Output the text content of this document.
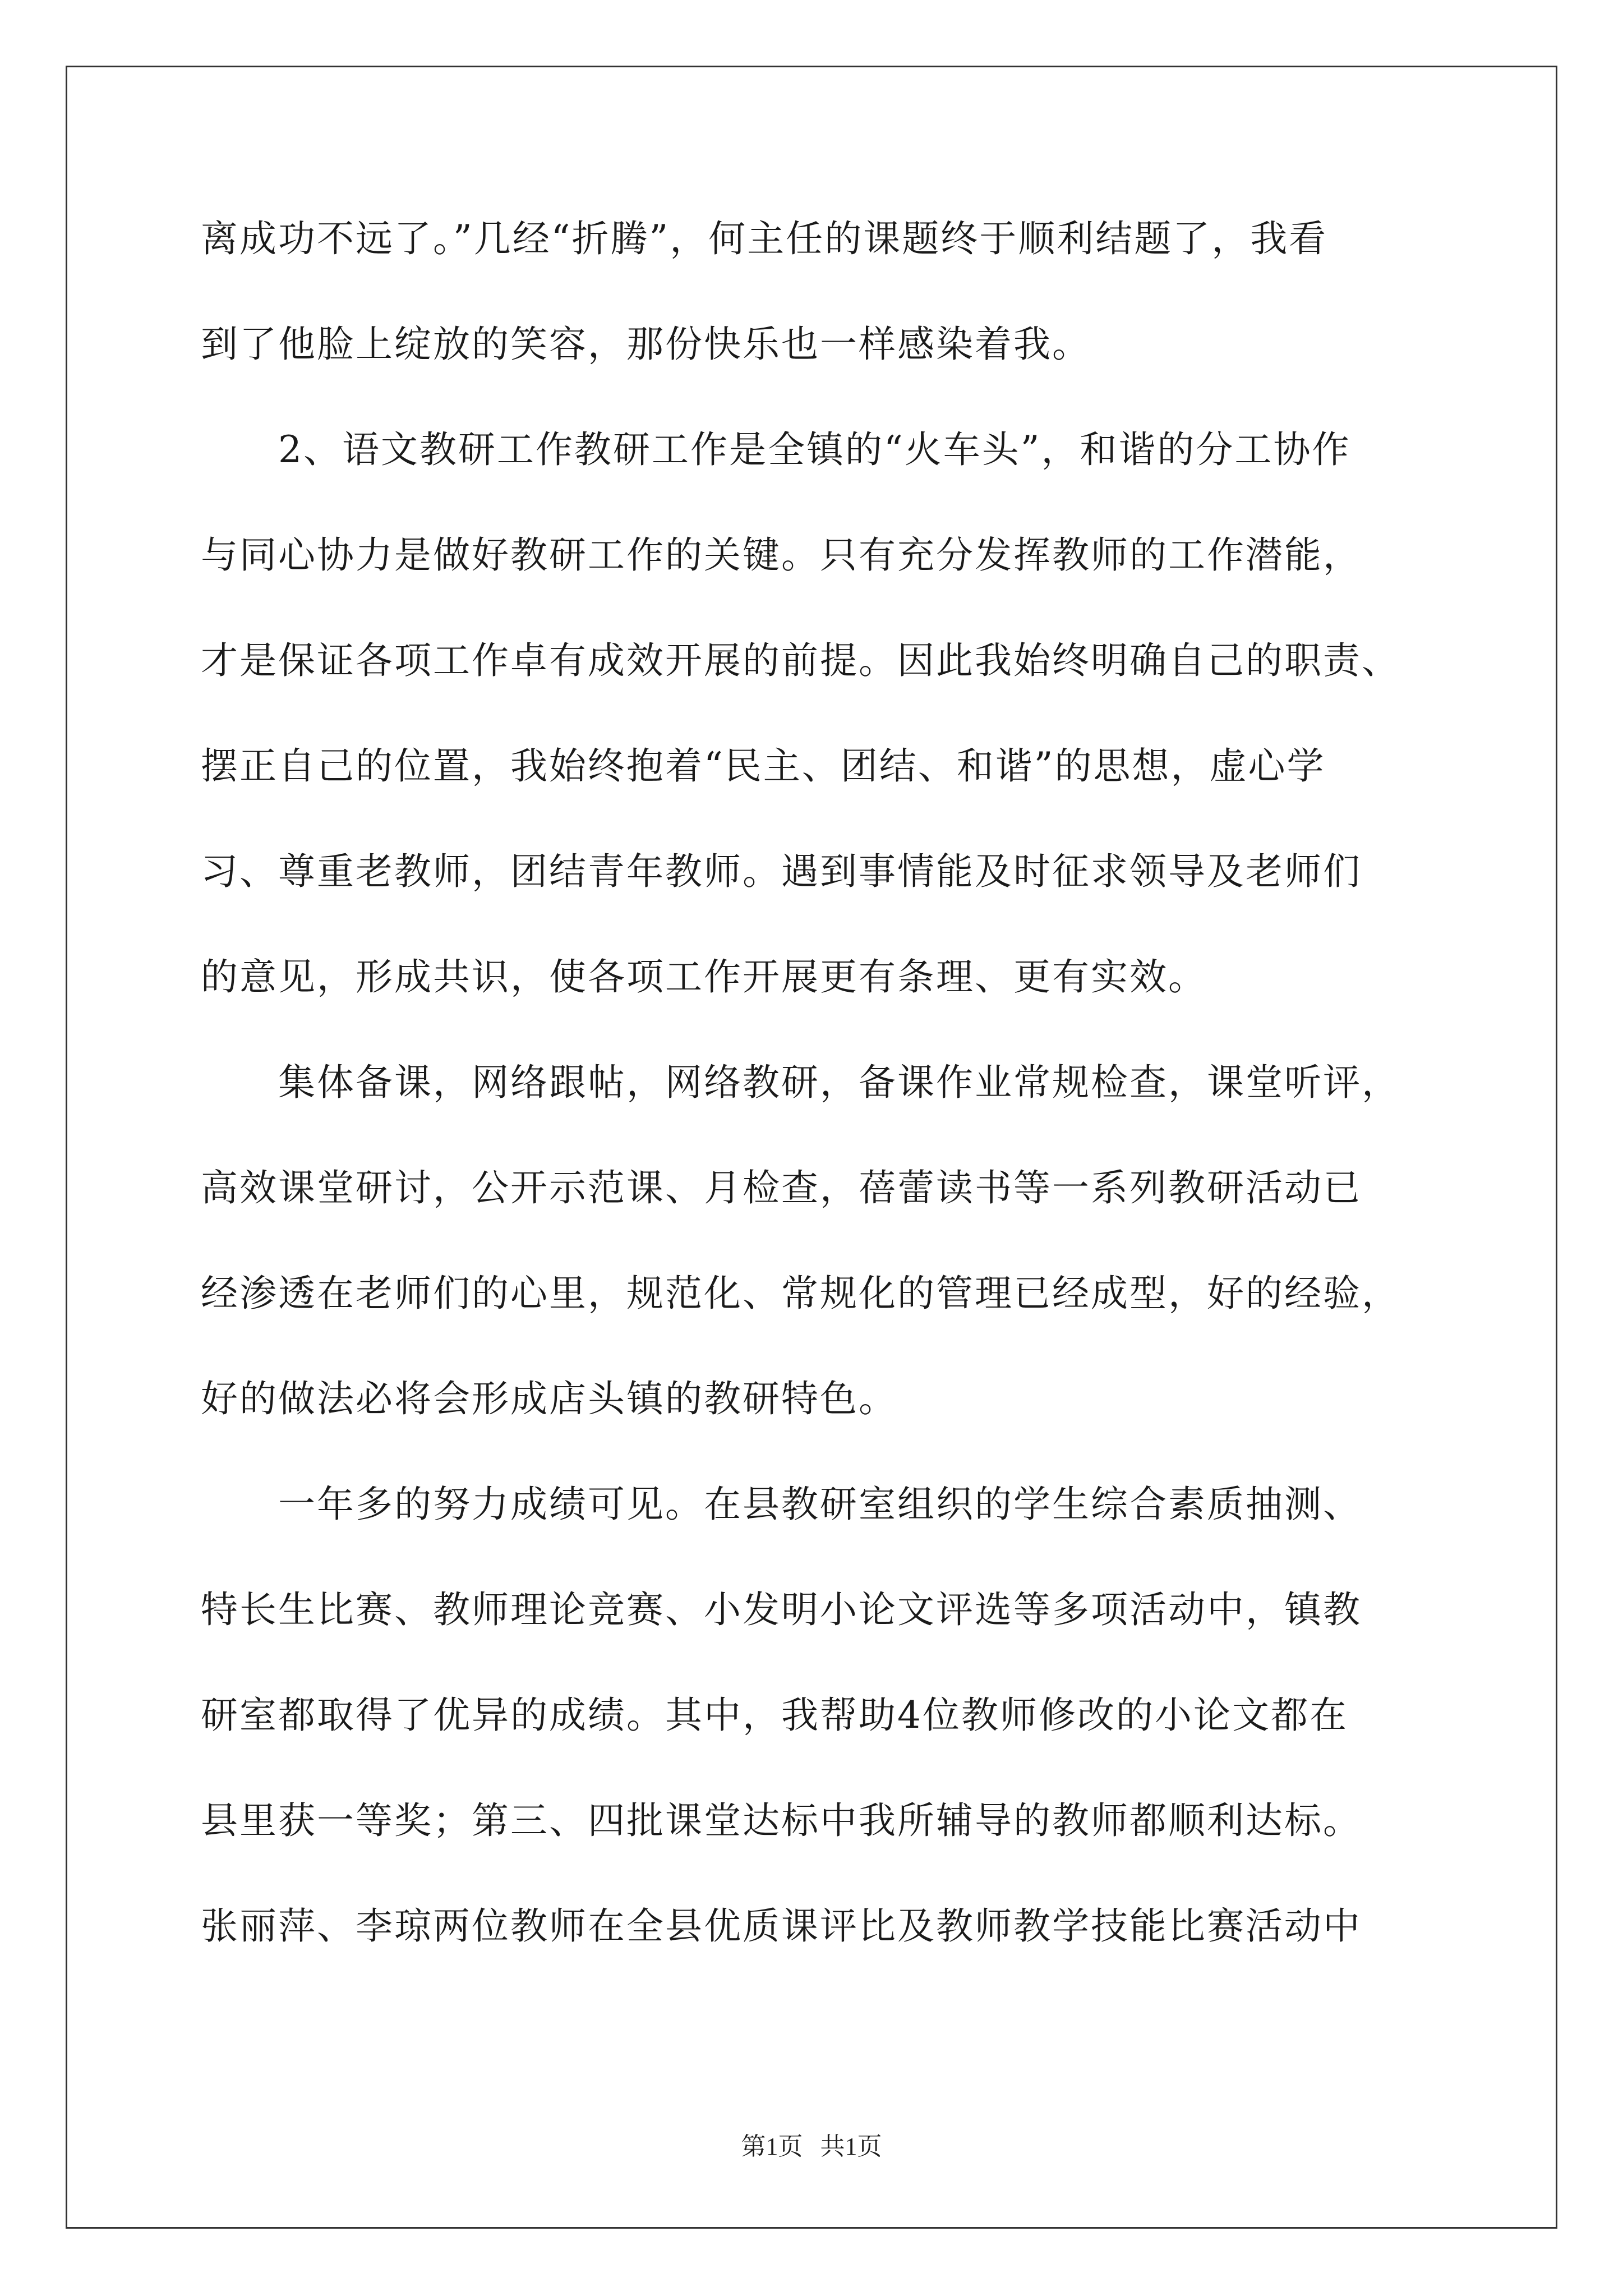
离成功不远了。”几经“折腾”，何主任的课题终于顺利结题了，我看
到了他脸上绽放的笑容，那份快乐也一样感染着我。
　　2、语文教研工作教研工作是全镇的“火车头”，和谐的分工协作
与同心协力是做好教研工作的关键。只有充分发挥教师的工作潜能，
才是保证各项工作卓有成效开展的前提。因此我始终明确自己的职责、
摆正自己的位置，我始终抱着“民主、团结、和谐”的思想，虚心学
习、尊重老教师，团结青年教师。遇到事情能及时征求领导及老师们
的意见，形成共识，使各项工作开展更有条理、更有实效。
　　集体备课，网络跟帖，网络教研，备课作业常规检查，课堂听评，
高效课堂研讨，公开示范课、月检查，蓓蕾读书等一系列教研活动已
经渗透在老师们的心里，规范化、常规化的管理已经成型，好的经验，
好的做法必将会形成店头镇的教研特色。
　　一年多的努力成绩可见。在县教研室组织的学生综合素质抽测、
特长生比赛、教师理论竞赛、小发明小论文评选等多项活动中，镇教
研室都取得了优异的成绩。其中，我帮助4位教师修改的小论文都在
县里获一等奖；第三、四批课堂达标中我所辅导的教师都顺利达标。
张丽萍、李琼两位教师在全县优质课评比及教师教学技能比赛活动中
第1页 共1页
